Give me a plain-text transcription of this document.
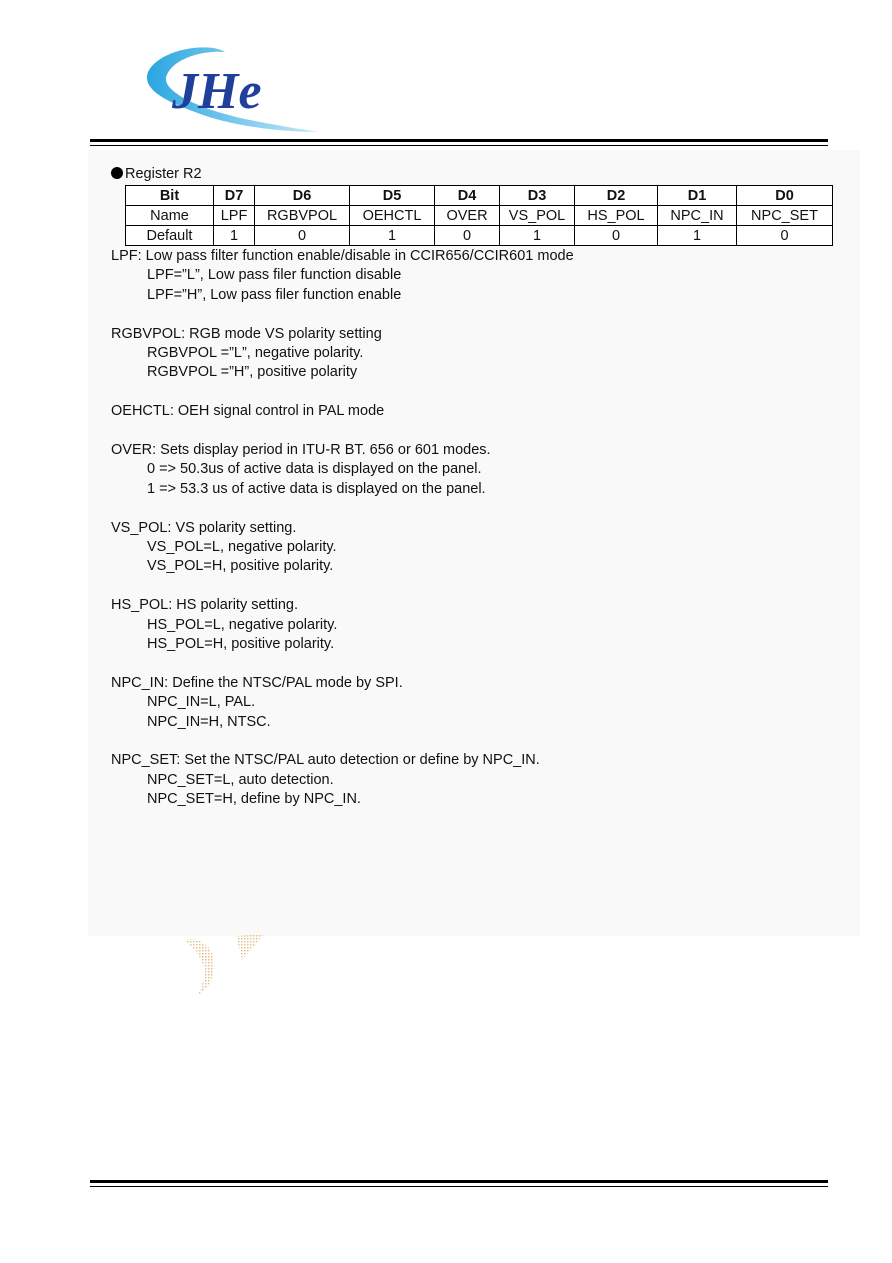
JHe
Register R2
Bit	D7	D6	D5	D4	D3	D2	D1	D0
Name	LPF	RGBVPOL	OEHCTL	OVER	VS_POL	HS_POL	NPC_IN	NPC_SET
Default	1	0	1	0	1	0	1	0
LPF: Low pass filter function enable/disable in CCIR656/CCIR601 mode
LPF=”L”, Low pass filer function disable
LPF=”H”, Low pass filer function enable
RGBVPOL: RGB mode VS polarity setting
RGBVPOL =”L”, negative polarity.
RGBVPOL =”H”, positive polarity
OEHCTL: OEH signal control in PAL mode
OVER: Sets display period in ITU-R BT. 656 or 601 modes.
0 => 50.3us of active data is displayed on the panel.
1 => 53.3 us of active data is displayed on the panel.
VS_POL: VS polarity setting.
VS_POL=L, negative polarity.
VS_POL=H, positive polarity.
HS_POL: HS polarity setting.
HS_POL=L, negative polarity.
HS_POL=H, positive polarity.
NPC_IN: Define the NTSC/PAL mode by SPI.
NPC_IN=L, PAL.
NPC_IN=H, NTSC.
NPC_SET: Set the NTSC/PAL auto detection or define by NPC_IN.
NPC_SET=L, auto detection.
NPC_SET=H, define by NPC_IN.
